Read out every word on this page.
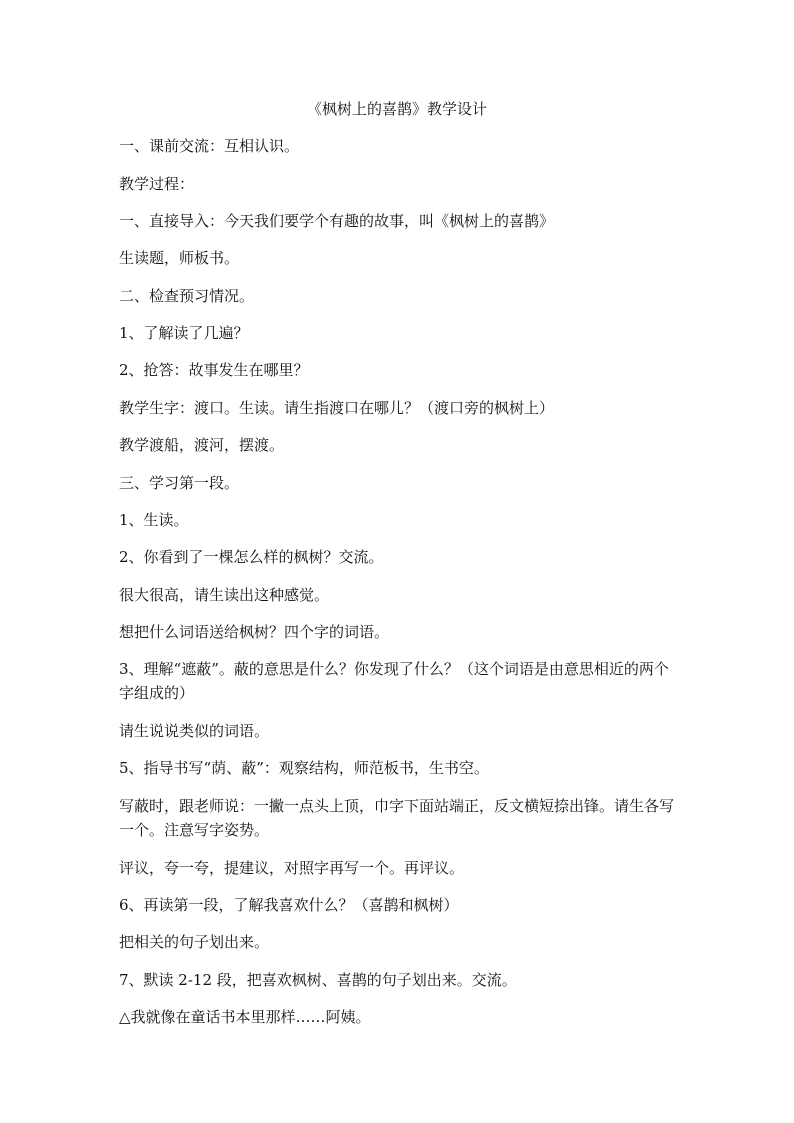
《枫树上的喜鹊》教学设计

一、课前交流：互相认识。

教学过程：

一、直接导入：今天我们要学个有趣的故事，叫《枫树上的喜鹊》

生读题，师板书。

二、检查预习情况。

1、了解读了几遍？

2、抢答：故事发生在哪里？

教学生字：渡口。生读。请生指渡口在哪儿？（渡口旁的枫树上）

教学渡船，渡河，摆渡。

三、学习第一段。

1、生读。

2、你看到了一棵怎么样的枫树？交流。

很大很高，请生读出这种感觉。

想把什么词语送给枫树？四个字的词语。

3、理解“遮蔽”。蔽的意思是什么？你发现了什么？（这个词语是由意思相近的两个字组成的）

请生说说类似的词语。

5、指导书写“荫、蔽”：观察结构，师范板书，生书空。

写蔽时，跟老师说：一撇一点头上顶，巾字下面站端正，反文横短捺出锋。请生各写一个。注意写字姿势。

评议，夸一夸，提建议，对照字再写一个。再评议。

6、再读第一段，了解我喜欢什么？（喜鹊和枫树）

把相关的句子划出来。

7、默读 2-12 段，把喜欢枫树、喜鹊的句子划出来。交流。

△我就像在童话书本里那样……阿姨。
